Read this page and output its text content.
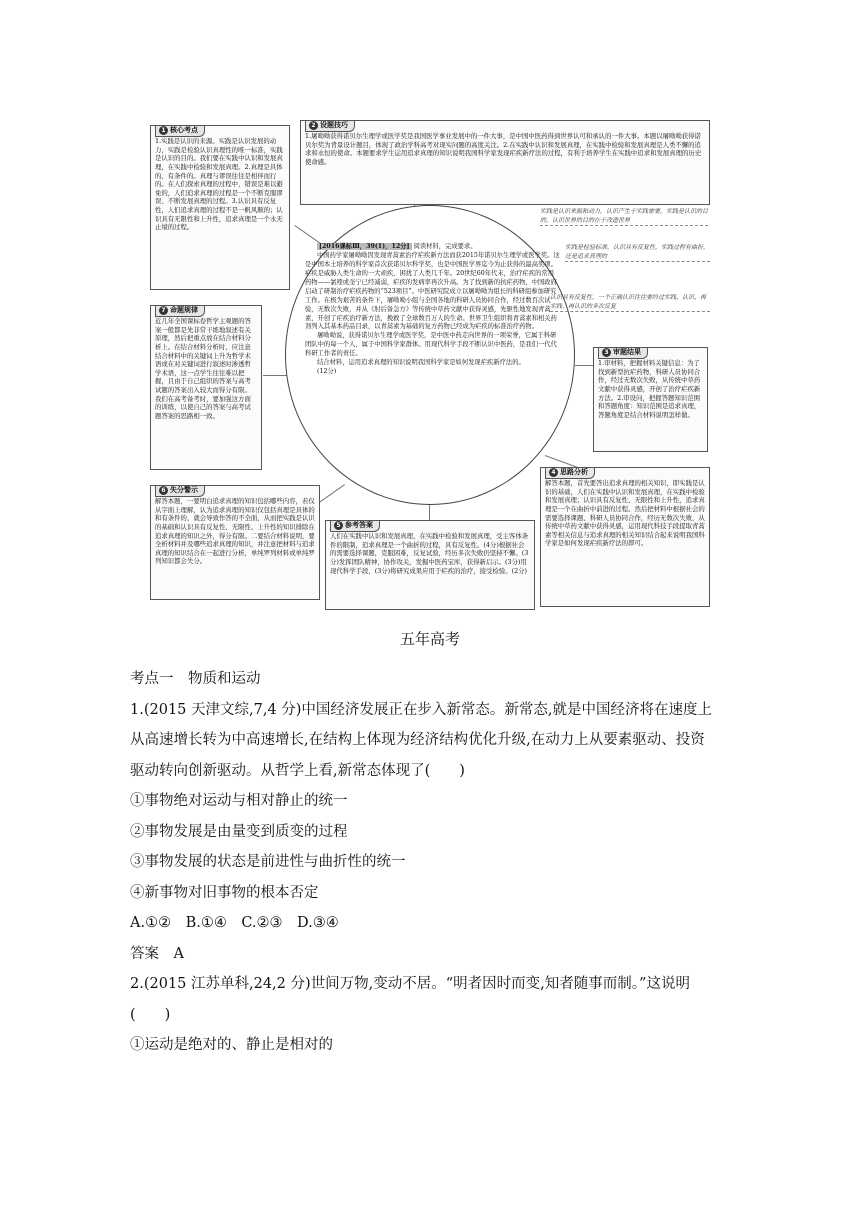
[2016课标Ⅲ，39(1)，12分] 阅读材料，完成要求。
中国药学家屠呦呦因发现青蒿素治疗疟疾新方法而获2015年诺贝尔生理学或医学奖。这是中国本土培养的科学家首次获诺贝尔科学奖，也是中国医学界迄今为止获得的最高奖项。疟疾是威胁人类生命的一大顽疾，困扰了人类几千年。20世纪60年代末，治疗疟疾的常用药物——氯喹或奎宁已经减弱，疟疾的发病率再次升高。为了找到新的抗疟药物，中国政府启动了研制治疗疟疾药物的“523项目”。中医研究院成立以屠呦呦为组长的科研组参加研究工作。在极为艰苦的条件下，屠呦呦小组与全国各地的科研人员协同合作，经过数百次试验，无数次失败，并从《肘后备急方》等传统中草药文献中获得灵感，先驱性地发现青蒿素，开创了疟疾治疗新方法，挽救了全球数百万人的生命。世界卫生组织将青蒿素和相关药剂列入其基本药品目录，以青蒿素为基础的复方药物已经成为疟疾的标准治疗药物。
屠呦呦说，获得诺贝尔生理学或医学奖，是中医中药走向世界的一项荣誉，它属于科研团队中的每一个人，属于中国科学家群体。用现代科学手段不断认识中医药，是我们一代代科研工作者的责任。
结合材料，运用追求真理的知识说明我国科学家是如何发现疟疾新疗法的。
(12分)
1 核心考点
1.实践是认识的来源。实践是认识发展的动力，实践是检验认识真理性的唯一标准，实践是认识的目的。我们要在实践中认识和发展真理，在实践中检验和发展真理。2.真理是具体的，有条件的。真理与谬误往往是相伴而行的。在人们探索真理的过程中，错误是难以避免的，人们追求真理的过程是一个不断克服谬误、不断发展真理的过程。3.认识具有反复性，人们追求真理的过程不是一帆风顺的；认识具有无限性和上升性，追求真理是一个永无止境的过程。
2 设题技巧
1.屠呦呦获得诺贝尔生理学或医学奖是我国医学事业发展中的一件大事，是中国中医药得到世界认可和承认的一件大事。本题以屠呦呦获得诺贝尔奖为背景设计题目，体现了政治学科高考对现实问题的高度关注。2.在实践中认识和发展真理，在实践中检验和发展真理是人类不懈的追求和永恒的使命。本题要求学生运用追求真理的知识说明我国科学家发现疟疾新疗法的过程，有利于培养学生在实践中追求和发展真理的历史使命感。
7 命题规律
近几年全国课标卷哲学主观题的答案一般都是先非常干练地叙述有关原理，然后把重点放在结合材料分析上。在结合材料分析时，应注意结合材料中的关键词上升为哲学术语或在对关键词进行叙述时渗透哲学术语，这一点学生往往难以把握，且由于自己组织的答案与高考试题的答案出入较大而得分有限。我们在高考备考时，要加强这方面的训练，以使自己的答案与高考试题答案的思路相一致。
3 审题结果
1.审材料，把握材料关键信息：为了找到新型抗疟药物，科研人员协同合作，经过无数次失败，从传统中草药文献中获得灵感，开创了治疗疟疾新方法。2.审设问，把握答题知识范围和答题角度：知识范围是追求真理，答题角度是结合材料说明怎样做。
4 思路分析
解答本题，首先要答出追求真理的相关知识，即实践是认识的基础，人们在实践中认识和发展真理，在实践中检验和发展真理；认识具有反复性、无限性和上升性，追求真理是一个在曲折中前进的过程。然后把材料中根据社会的需要选择课题、科研人员协同合作，经历无数次失败，从传统中草药文献中获得灵感，运用现代科技手段提取青蒿素等相关信息与追求真理的相关知识结合起来说明我国科学家是如何发现疟疾新疗法的即可。
5 参考答案
人们在实践中认识和发展真理，在实践中检验和发展真理，受主客体条件的限制，追求真理是一个曲折的过程，具有反复性。(4分)根据社会的需要选择课题，克服困难，反复试验，经历多次失败仍坚持不懈。(3分)发挥团队精神，协作攻关，发掘中医药宝库，获得新启示。(3分)用现代科学手段，(3分)将研究成果应用于疟疾的治疗，接受检验。(2分)
6 失分警示
解答本题，一要明白追求真理的知识包括哪些内容，若仅从字面上理解，认为追求真理的知识仅包括真理是具体的和有条件的，就会导致作答的不全面，从而把实践是认识的基础和认识具有反复性、无限性、上升性的知识排除在追求真理的知识之外，得分有限。二要结合材料说明，要全析材料并及哪些追求真理的知识，并注意把材料与追求真理的知识结合在一起进行分析，单纯罗列材料或单纯罗列知识都会失分。
实践是认识来源和动力，认识产生于实践需要，实践是认识的目的，认识世界的目的在于改造世界
实践是检验标准，认识具有反复性，实践过程有曲折，还是追求真理的
认识具有反复性，一个正确认识往往要经过实践、认识、再实践、再认识的多次反复
五年高考

考点一　物质和运动

1.(2015 天津文综,7,4 分)中国经济发展正在步入新常态。新常态,就是中国经济将在速度上

从高速增长转为中高速增长,在结构上体现为经济结构优化升级,在动力上从要素驱动、投资

驱动转向创新驱动。从哲学上看,新常态体现了(　　)

①事物绝对运动与相对静止的统一

②事物发展是由量变到质变的过程

③事物发展的状态是前进性与曲折性的统一

④新事物对旧事物的根本否定

A.①②　B.①④　C.②③　D.③④

答案　A

2.(2015 江苏单科,24,2 分)世间万物,变动不居。“明者因时而变,知者随事而制。”这说明

(　　)

①运动是绝对的、静止是相对的
